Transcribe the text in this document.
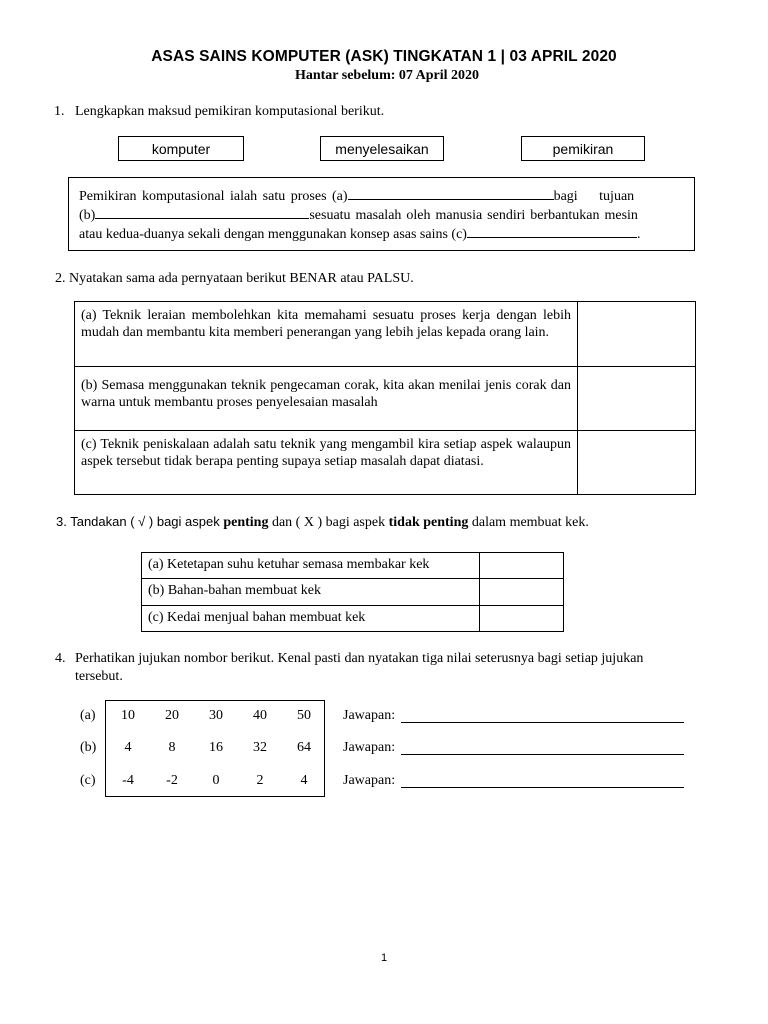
ASAS SAINS KOMPUTER (ASK) TINGKATAN 1 | 03 APRIL 2020
Hantar sebelum: 07 April 2020
1. Lengkapkan maksud pemikiran komputasional berikut.
komputer	menyelesaikan	pemikiran
Pemikiran komputasional ialah satu proses (a)	bagi tujuan
(b)	sesuatu masalah oleh manusia sendiri berbantukan mesin
atau kedua-duanya sekali dengan menggunakan konsep asas sains (c)	.
2. Nyatakan sama ada pernyataan berikut BENAR atau PALSU.
(a) Teknik leraian membolehkan kita memahami sesuatu proses kerja dengan lebih mudah dan membantu kita memberi penerangan yang lebih jelas kepada orang lain.	
(b) Semasa menggunakan teknik pengecaman corak, kita akan menilai jenis corak dan warna untuk membantu proses penyelesaian masalah	
(c) Teknik peniskalaan adalah satu teknik yang mengambil kira setiap aspek walaupun aspek tersebut tidak berapa penting supaya setiap masalah dapat diatasi.	
3. Tandakan ( √ ) bagi aspek penting dan ( X ) bagi aspek tidak penting dalam membuat kek.
(a) Ketetapan suhu ketuhar semasa membakar kek	
(b) Bahan-bahan membuat kek	
(c) Kedai menjual bahan membuat kek	
4. Perhatikan jujukan nombor berikut. Kenal pasti dan nyatakan tiga nilai seterusnya bagi setiap jujukan
tersebut.
(a)	10	20	30	40	50	Jawapan:
(b)	4	8	16	32	64	Jawapan:
(c)	-4	-2	0	2	4	Jawapan:
1
